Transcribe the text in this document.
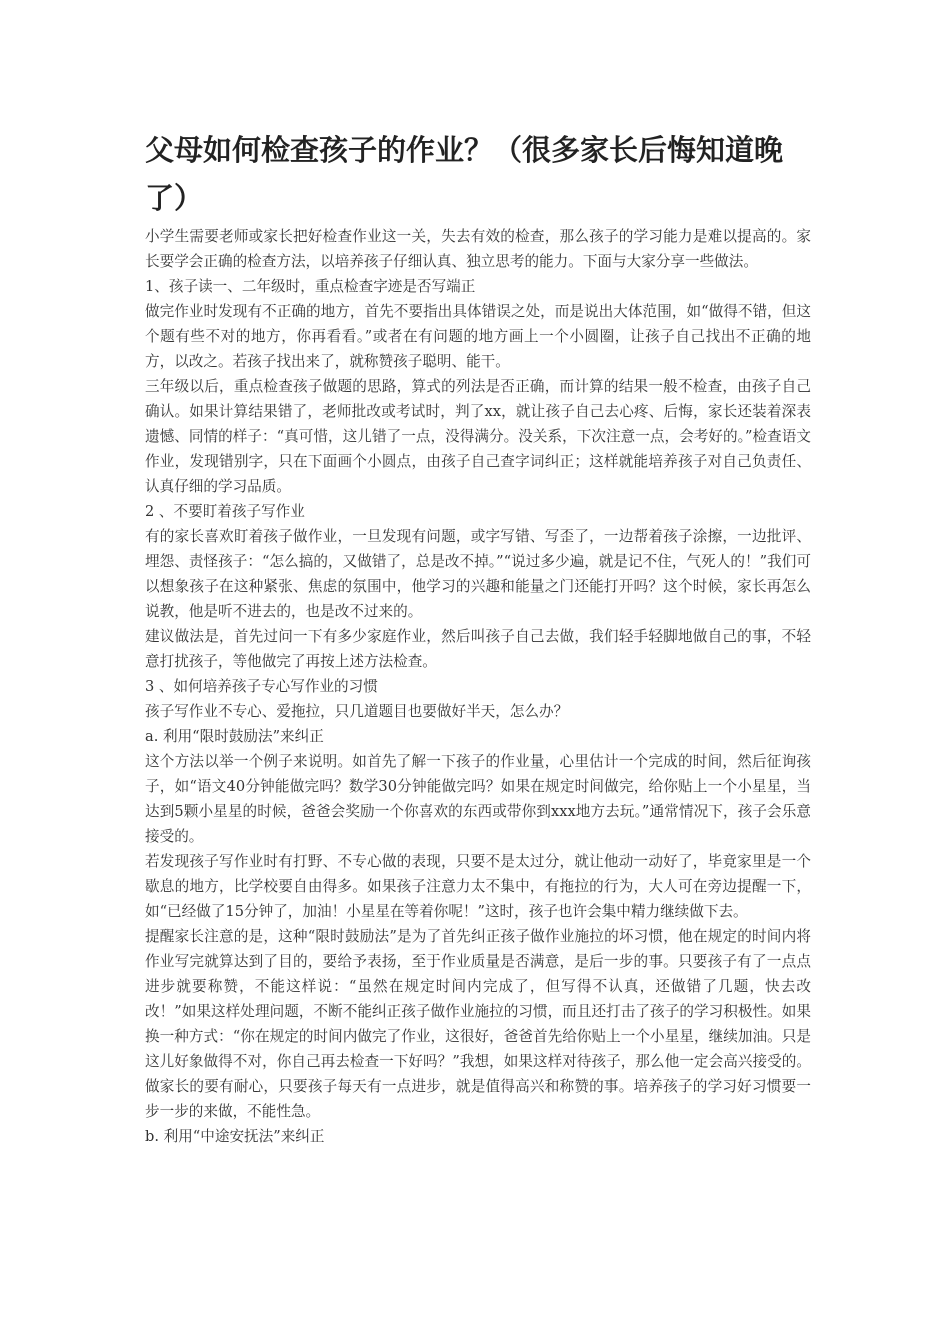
父母如何检查孩子的作业？（很多家长后悔知道晚了）

小学生需要老师或家长把好检查作业这一关，失去有效的检查，那么孩子的学习能力是难以提高的。家长要学会正确的检查方法，以培养孩子仔细认真、独立思考的能力。下面与大家分享一些做法。

1、孩子读一、二年级时，重点检查字迹是否写端正

做完作业时发现有不正确的地方，首先不要指出具体错误之处，而是说出大体范围，如“做得不错，但这个题有些不对的地方，你再看看。”或者在有问题的地方画上一个小圆圈，让孩子自己找出不正确的地方，以改之。若孩子找出来了，就称赞孩子聪明、能干。

三年级以后，重点检查孩子做题的思路，算式的列法是否正确，而计算的结果一般不检查，由孩子自己确认。如果计算结果错了，老师批改或考试时，判了xx，就让孩子自己去心疼、后悔，家长还装着深表遗憾、同情的样子：“真可惜，这儿错了一点，没得满分。没关系，下次注意一点，会考好的。”检查语文作业，发现错别字，只在下面画个小圆点，由孩子自己查字词纠正；这样就能培养孩子对自己负责任、认真仔细的学习品质。

2 、不要盯着孩子写作业

有的家长喜欢盯着孩子做作业，一旦发现有问题，或字写错、写歪了，一边帮着孩子涂擦，一边批评、埋怨、责怪孩子：“怎么搞的，又做错了，总是改不掉。”“说过多少遍，就是记不住，气死人的！”我们可以想象孩子在这种紧张、焦虑的氛围中，他学习的兴趣和能量之门还能打开吗？这个时候，家长再怎么说教，他是听不进去的，也是改不过来的。

建议做法是，首先过问一下有多少家庭作业，然后叫孩子自己去做，我们轻手轻脚地做自己的事，不轻意打扰孩子，等他做完了再按上述方法检查。

3 、如何培养孩子专心写作业的习惯

孩子写作业不专心、爱拖拉，只几道题目也要做好半天，怎么办？

a. 利用“限时鼓励法”来纠正

这个方法以举一个例子来说明。如首先了解一下孩子的作业量，心里估计一个完成的时间，然后征询孩子，如“语文40分钟能做完吗？数学30分钟能做完吗？如果在规定时间做完，给你贴上一个小星星，当达到5颗小星星的时候，爸爸会奖励一个你喜欢的东西或带你到xxx地方去玩。”通常情况下，孩子会乐意接受的。

若发现孩子写作业时有打野、不专心做的表现，只要不是太过分，就让他动一动好了，毕竟家里是一个歇息的地方，比学校要自由得多。如果孩子注意力太不集中，有拖拉的行为，大人可在旁边提醒一下，如“已经做了15分钟了，加油！小星星在等着你呢！”这时，孩子也许会集中精力继续做下去。

提醒家长注意的是，这种“限时鼓励法”是为了首先纠正孩子做作业施拉的坏习惯，他在规定的时间内将作业写完就算达到了目的，要给予表扬，至于作业质量是否满意，是后一步的事。只要孩子有了一点点进步就要称赞，不能这样说：“虽然在规定时间内完成了，但写得不认真，还做错了几题，快去改改！”如果这样处理问题，不断不能纠正孩子做作业施拉的习惯，而且还打击了孩子的学习积极性。如果换一种方式：“你在规定的时间内做完了作业，这很好，爸爸首先给你贴上一个小星星，继续加油。只是这儿好象做得不对，你自己再去检查一下好吗？”我想，如果这样对待孩子，那么他一定会高兴接受的。做家长的要有耐心，只要孩子每天有一点进步，就是值得高兴和称赞的事。培养孩子的学习好习惯要一步一步的来做，不能性急。

b. 利用“中途安抚法”来纠正
